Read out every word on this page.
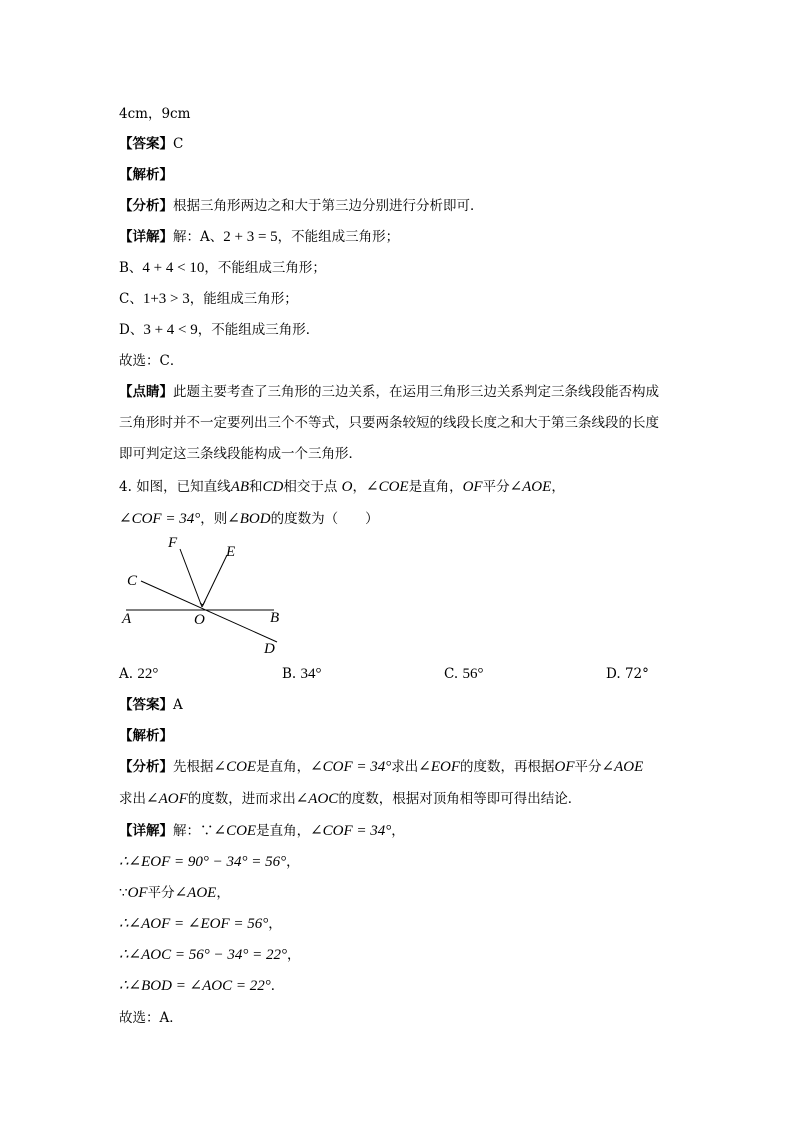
4cm，9cm
【答案】C
【解析】
【分析】根据三角形两边之和大于第三边分别进行分析即可．
【详解】解：A、2 + 3 = 5，不能组成三角形；
B、4 + 4 < 10，不能组成三角形；
C、1+3 > 3，能组成三角形；
D、3 + 4 < 9，不能组成三角形．
故选：C．
【点睛】此题主要考查了三角形的三边关系，在运用三角形三边关系判定三条线段能否构成
三角形时并不一定要列出三个不等式，只要两条较短的线段长度之和大于第三条线段的长度
即可判定这三条线段能构成一个三角形．
4. 如图，已知直线AB和CD相交于点 O，∠COE是直角，OF平分∠AOE，
∠COF = 34°，则∠BOD的度数为（　　）
F
E
C
A	O	B
D
A. 22°	B. 34°	C. 56°	D. 72°
【答案】A
【解析】
【分析】先根据∠COE是直角，∠COF = 34°求出∠EOF的度数，再根据OF平分∠AOE
求出∠AOF的度数，进而求出∠AOC的度数，根据对顶角相等即可得出结论．
【详解】解：∵∠COE是直角，∠COF = 34°，
∴∠EOF = 90° − 34° = 56°，
∵OF平分∠AOE，
∴∠AOF = ∠EOF = 56°，
∴∠AOC = 56° − 34° = 22°，
∴∠BOD = ∠AOC = 22°．
故选：A．
